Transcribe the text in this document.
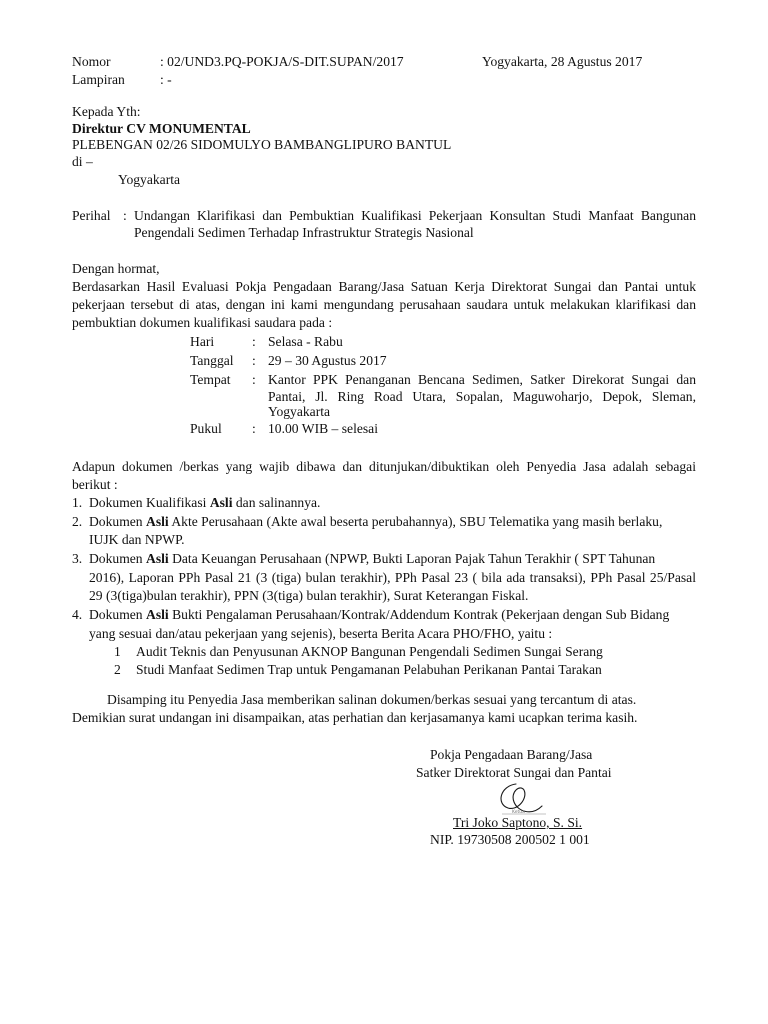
Nomor	: 02/UND3.PQ-POKJA/S-DIT.SUPAN/2017	Yogyakarta, 28 Agustus 2017
Lampiran	: -
Kepada Yth:
Direktur CV MONUMENTAL
PLEBENGAN 02/26 SIDOMULYO BAMBANGLIPURO BANTUL
di –
Yogyakarta
Perihal : Undangan Klarifikasi dan Pembuktian Kualifikasi Pekerjaan Konsultan Studi Manfaat Bangunan
Pengendali Sedimen Terhadap Infrastruktur Strategis Nasional
Dengan hormat,
Berdasarkan Hasil Evaluasi Pokja Pengadaan Barang/Jasa Satuan Kerja Direktorat Sungai dan Pantai untuk
pekerjaan tersebut di atas, dengan ini kami mengundang perusahaan saudara untuk melakukan klarifikasi dan
pembuktian dokumen kualifikasi saudara pada :
Hari	: Selasa - Rabu
Tanggal : 29 – 30 Agustus 2017
Tempat : Kantor PPK Penanganan Bencana Sedimen, Satker Direkorat Sungai dan
Pantai, Jl. Ring Road Utara, Sopalan, Maguwoharjo, Depok, Sleman,
Yogyakarta
Pukul : 10.00 WIB – selesai
Adapun dokumen /berkas yang wajib dibawa dan ditunjukan/dibuktikan oleh Penyedia Jasa adalah sebagai
berikut :
1.  Dokumen Kualifikasi Asli dan salinannya.
2.  Dokumen Asli Akte Perusahaan (Akte awal beserta perubahannya), SBU Telematika yang masih berlaku,
IUJK dan NPWP.
3.  Dokumen Asli Data Keuangan Perusahaan (NPWP, Bukti Laporan Pajak Tahun Terakhir ( SPT Tahunan
2016), Laporan PPh Pasal 21 (3 (tiga) bulan terakhir), PPh Pasal 23 ( bila ada transaksi), PPh Pasal 25/Pasal
29 (3(tiga)bulan terakhir), PPN (3(tiga) bulan terakhir), Surat Keterangan Fiskal.
4.  Dokumen Asli Bukti Pengalaman Perusahaan/Kontrak/Addendum Kontrak (Pekerjaan dengan Sub Bidang
yang sesuai dan/atau pekerjaan yang sejenis), beserta Berita Acara PHO/FHO, yaitu :
1 Audit Teknis dan Penyusunan AKNOP Bangunan Pengendali Sedimen Sungai Serang
2 Studi Manfaat Sedimen Trap untuk Pengamanan Pelabuhan Perikanan Pantai Tarakan
Disamping itu Penyedia Jasa memberikan salinan dokumen/berkas sesuai yang tercantum di atas.
Demikian surat undangan ini disampaikan, atas perhatian dan kerjasamanya kami ucapkan terima kasih.
Pokja Pengadaan Barang/Jasa
Satker Direktorat Sungai dan Pantai
Ketua
Tri Joko Saptono, S. Si.
NIP. 19730508 200502 1 001
